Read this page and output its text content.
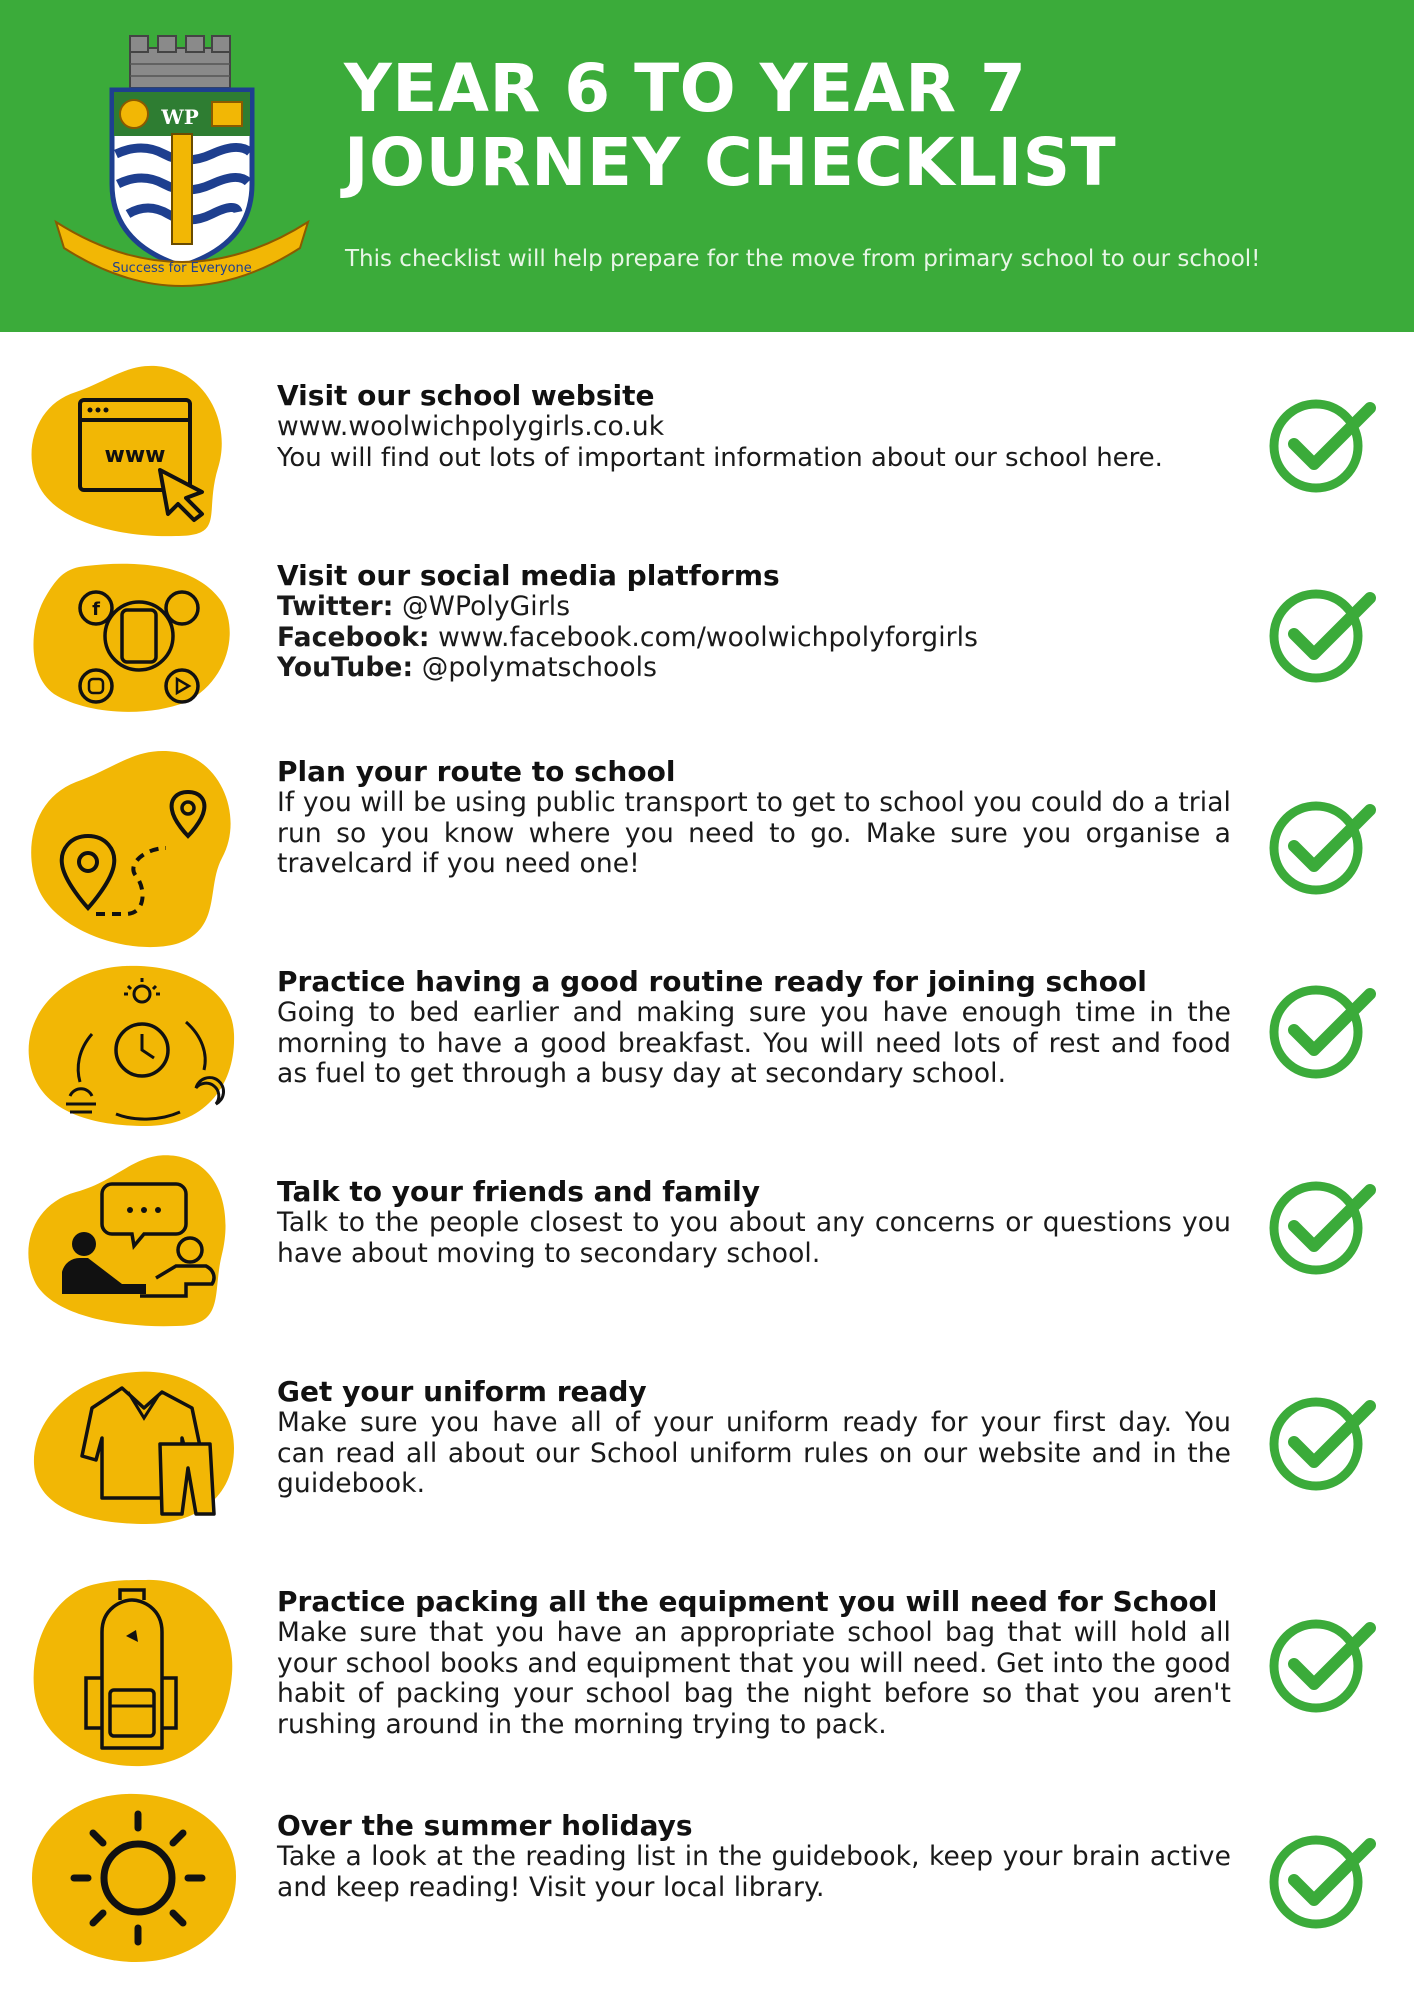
Success for Everyone
WP YEAR 6 TO YEAR 7
JOURNEY CHECKLIST
This checklist will help prepare for the move from primary school to our school!
www
Visit our school website
www.woolwichpolygirls.co.uk
You will find out lots of important information about our school here.
f
Visit our social media platforms
Twitter: @WPolyGirls
Facebook: www.facebook.com/woolwichpolyforgirls
YouTube: @polymatschools
Plan your route to school
If you will be using public transport to get to school you could do a trial run so you know where you need to go. Make sure you organise a travelcard if you need one!
Practice having a good routine ready for joining school
Going to bed earlier and making sure you have enough time in the morning to have a good breakfast. You will need lots of rest and food as fuel to get through a busy day at secondary school.
Talk to your friends and family
Talk to the people closest to you about any concerns or questions you have about moving to secondary school.
Get your uniform ready
Make sure you have all of your uniform ready for your first day. You can read all about our School uniform rules on our website and in the guidebook.
Practice packing all the equipment you will need for School
Make sure that you have an appropriate school bag that will hold all your school books and equipment that you will need. Get into the good habit of packing your school bag the night before so that you aren't rushing around in the morning trying to pack.
Over the summer holidays
Take a look at the reading list in the guidebook, keep your brain active and keep reading! Visit your local library.
